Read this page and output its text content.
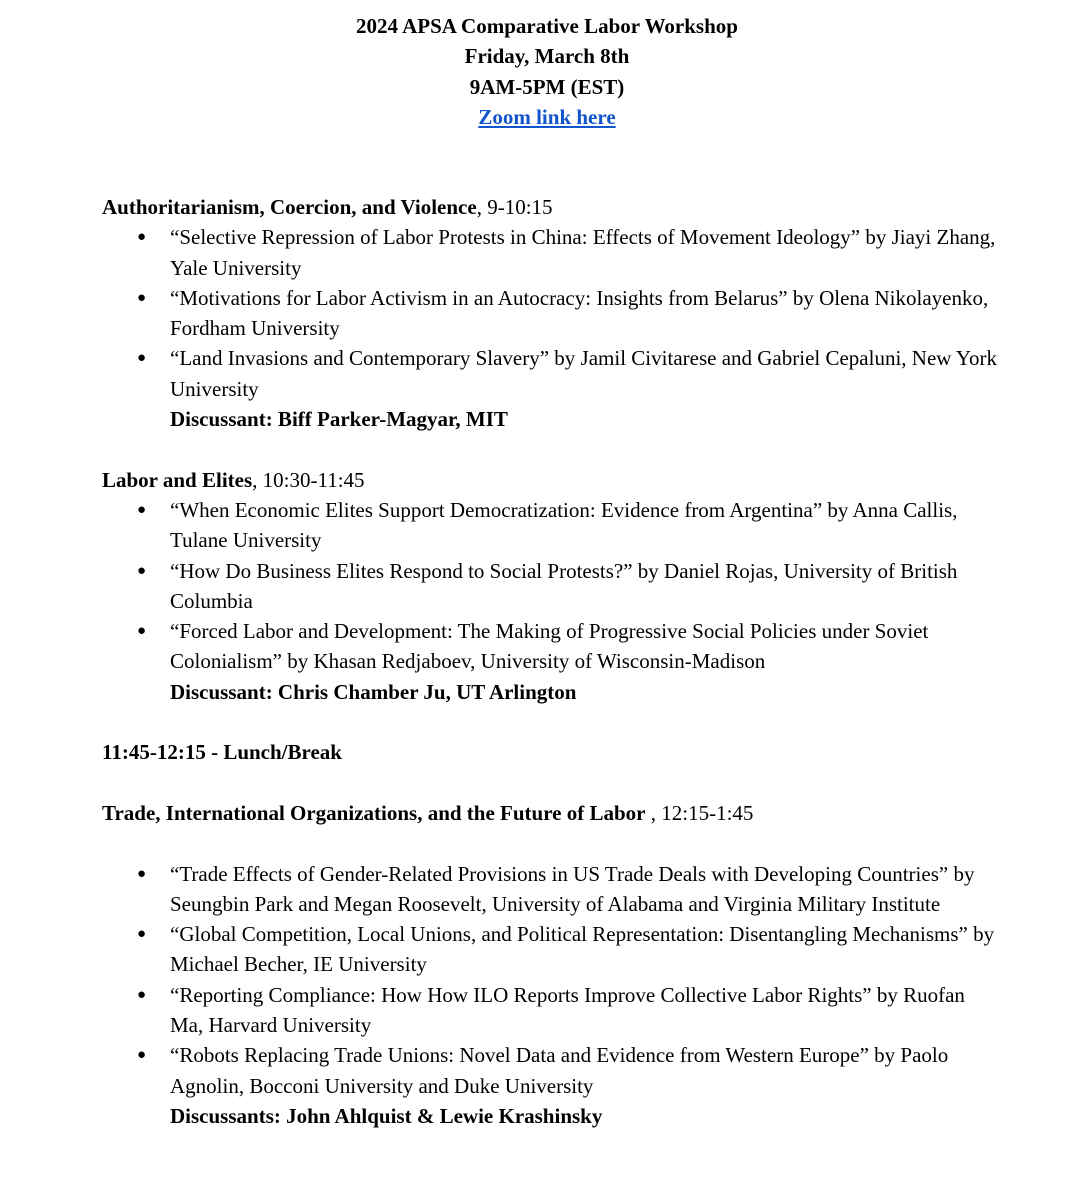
2024 APSA Comparative Labor Workshop
Friday, March 8th
9AM-5PM (EST)
Zoom link here
Authoritarianism, Coercion, and Violence, 9-10:15
● “Selective Repression of Labor Protests in China: Effects of Movement Ideology” by Jiayi Zhang, Yale University
● “Motivations for Labor Activism in an Autocracy: Insights from Belarus” by Olena Nikolayenko, Fordham University
● “Land Invasions and Contemporary Slavery” by Jamil Civitarese and Gabriel Cepaluni, New York University
Discussant: Biff Parker-Magyar, MIT
Labor and Elites, 10:30-11:45
● “When Economic Elites Support Democratization: Evidence from Argentina” by Anna Callis, Tulane University
● “How Do Business Elites Respond to Social Protests?” by Daniel Rojas, University of British Columbia
● “Forced Labor and Development: The Making of Progressive Social Policies under Soviet Colonialism” by Khasan Redjaboev, University of Wisconsin-Madison
Discussant: Chris Chamber Ju, UT Arlington
11:45-12:15 - Lunch/Break
Trade, International Organizations, and the Future of Labor , 12:15-1:45
● “Trade Effects of Gender-Related Provisions in US Trade Deals with Developing Countries” by Seungbin Park and Megan Roosevelt, University of Alabama and Virginia Military Institute
● “Global Competition, Local Unions, and Political Representation: Disentangling Mechanisms” by Michael Becher, IE University
● “Reporting Compliance: How How ILO Reports Improve Collective Labor Rights” by Ruofan Ma, Harvard University
● “Robots Replacing Trade Unions: Novel Data and Evidence from Western Europe” by Paolo Agnolin, Bocconi University and Duke University
Discussants: John Ahlquist & Lewie Krashinsky
